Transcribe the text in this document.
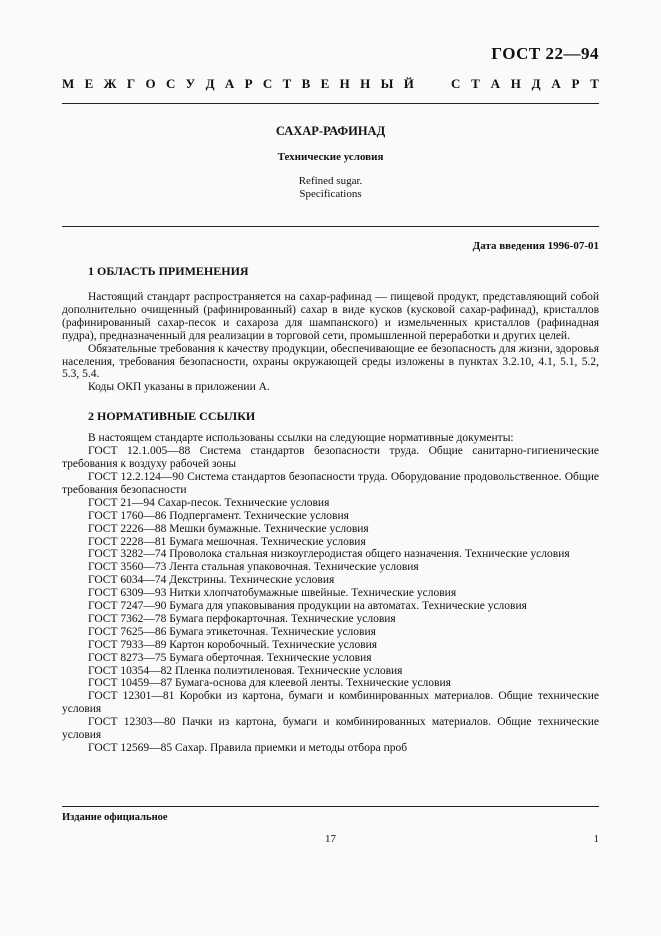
ГОСТ 22—94
М Е Ж Г О С У Д А Р С Т В Е Н Н Ы Й	С Т А Н Д А Р Т
САХАР-РАФИНАД
Технические условия
Refined sugar.
Specifications
Дата введения 1996-07-01

1 ОБЛАСТЬ ПРИМЕНЕНИЯ

Настоящий стандарт распространяется на сахар-рафинад — пищевой продукт, представляющий собой дополнительно очищенный (рафинированный) сахар в виде кусков (кусковой сахар-рафинад), кристаллов (рафинированный сахар-песок и сахароза для шампанского) и измельченных кристаллов (рафинадная пудра), предназначенный для реализации в торговой сети, промышленной переработки и других целей.

Обязательные требования к качеству продукции, обеспечивающие ее безопасность для жизни, здоровья населения, требования безопасности, охраны окружающей среды изложены в пунктах 3.2.10, 4.1, 5.1, 5.2, 5.3, 5.4.

Коды ОКП указаны в приложении А.

2 НОРМАТИВНЫЕ ССЫЛКИ

В настоящем стандарте использованы ссылки на следующие нормативные документы:

ГОСТ 12.1.005—88 Система стандартов безопасности труда. Общие санитарно-гигиенические требования к воздуху рабочей зоны

ГОСТ 12.2.124—90 Система стандартов безопасности труда. Оборудование продовольственное. Общие требования безопасности

ГОСТ 21—94 Сахар-песок. Технические условия

ГОСТ 1760—86 Подпергамент. Технические условия

ГОСТ 2226—88 Мешки бумажные. Технические условия

ГОСТ 2228—81 Бумага мешочная. Технические условия

ГОСТ 3282—74 Проволока стальная низкоуглеродистая общего назначения. Технические условия

ГОСТ 3560—73 Лента стальная упаковочная. Технические условия

ГОСТ 6034—74 Декстрины. Технические условия

ГОСТ 6309—93 Нитки хлопчатобумажные швейные. Технические условия

ГОСТ 7247—90 Бумага для упаковывания продукции на автоматах. Технические условия

ГОСТ 7362—78 Бумага перфокарточная. Технические условия

ГОСТ 7625—86 Бумага этикеточная. Технические условия

ГОСТ 7933—89 Картон коробочный. Технические условия

ГОСТ 8273—75 Бумага оберточная. Технические условия

ГОСТ 10354—82 Пленка полиэтиленовая. Технические условия

ГОСТ 10459—87 Бумага-основа для клеевой ленты. Технические условия

ГОСТ 12301—81 Коробки из картона, бумаги и комбинированных материалов. Общие технические условия

ГОСТ 12303—80 Пачки из картона, бумаги и комбинированных материалов. Общие технические условия

ГОСТ 12569—85 Сахар. Правила приемки и методы отбора проб

Издание официальное
17	1
